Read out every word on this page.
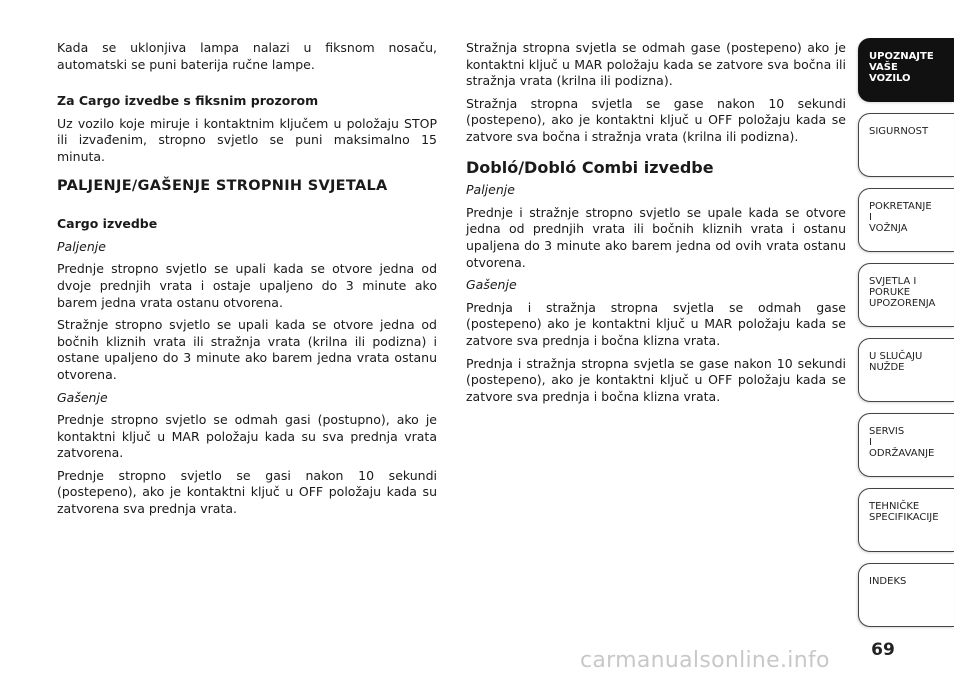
Kada se uklonjiva lampa nalazi u fiksnom nosaču, automatski se puni baterija ručne lampe.

Za Cargo izvedbe s fiksnim prozorom

Uz vozilo koje miruje i kontaktnim ključem u položaju STOP ili izvađenim, stropno svjetlo se puni maksimalno 15 minuta.

PALJENJE/GAŠENJE STROPNIH SVJETALA

Cargo izvedbe

Paljenje

Prednje stropno svjetlo se upali kada se otvore jedna od dvoje prednjih vrata i ostaje upaljeno do 3 minute ako barem jedna vrata ostanu otvorena.

Stražnje stropno svjetlo se upali kada se otvore jedna od bočnih kliznih vrata ili stražnja vrata (krilna ili podizna) i ostane upaljeno do 3 minute ako barem jedna vrata ostanu otvorena.

Gašenje

Prednje stropno svjetlo se odmah gasi (postupno), ako je kontaktni ključ u MAR položaju kada su sva prednja vrata zatvorena.

Prednje stropno svjetlo se gasi nakon 10 sekundi (postepeno), ako je kontaktni ključ u OFF položaju kada su zatvorena sva prednja vrata.

Stražnja stropna svjetla se odmah gase (postepeno) ako je kontaktni ključ u MAR položaju kada se zatvore sva bočna ili stražnja vrata (krilna ili podizna).

Stražnja stropna svjetla se gase nakon 10 sekundi (postepeno), ako je kontaktni ključ u OFF položaju kada se zatvore sva bočna i stražnja vrata (krilna ili podizna).

Dobló/Dobló Combi izvedbe

Paljenje

Prednje i stražnje stropno svjetlo se upale kada se otvore jedna od prednjih vrata ili bočnih kliznih vrata i ostanu upaljena do 3 minute ako barem jedna od ovih vrata ostanu otvorena.

Gašenje

Prednja i stražnja stropna svjetla se odmah gase (postepeno) ako je kontaktni ključ u MAR položaju kada se zatvore sva prednja i bočna klizna vrata.

Prednja i stražnja stropna svjetla se gase nakon 10 sekundi (postepeno), ako je kontaktni ključ u OFF položaju kada se zatvore sva prednja i bočna klizna vrata.

UPOZNAJTE
VAŠE
VOZILO
SIGURNOST
POKRETANJE
I
VOŽNJA
SVJETLA I
PORUKE
UPOZORENJA
U SLUČAJU
NUŽDE
SERVIS
I
ODRŽAVANJE
TEHNIČKE
SPECIFIKACIJE
INDEKS
69
carmanualsonline.info
